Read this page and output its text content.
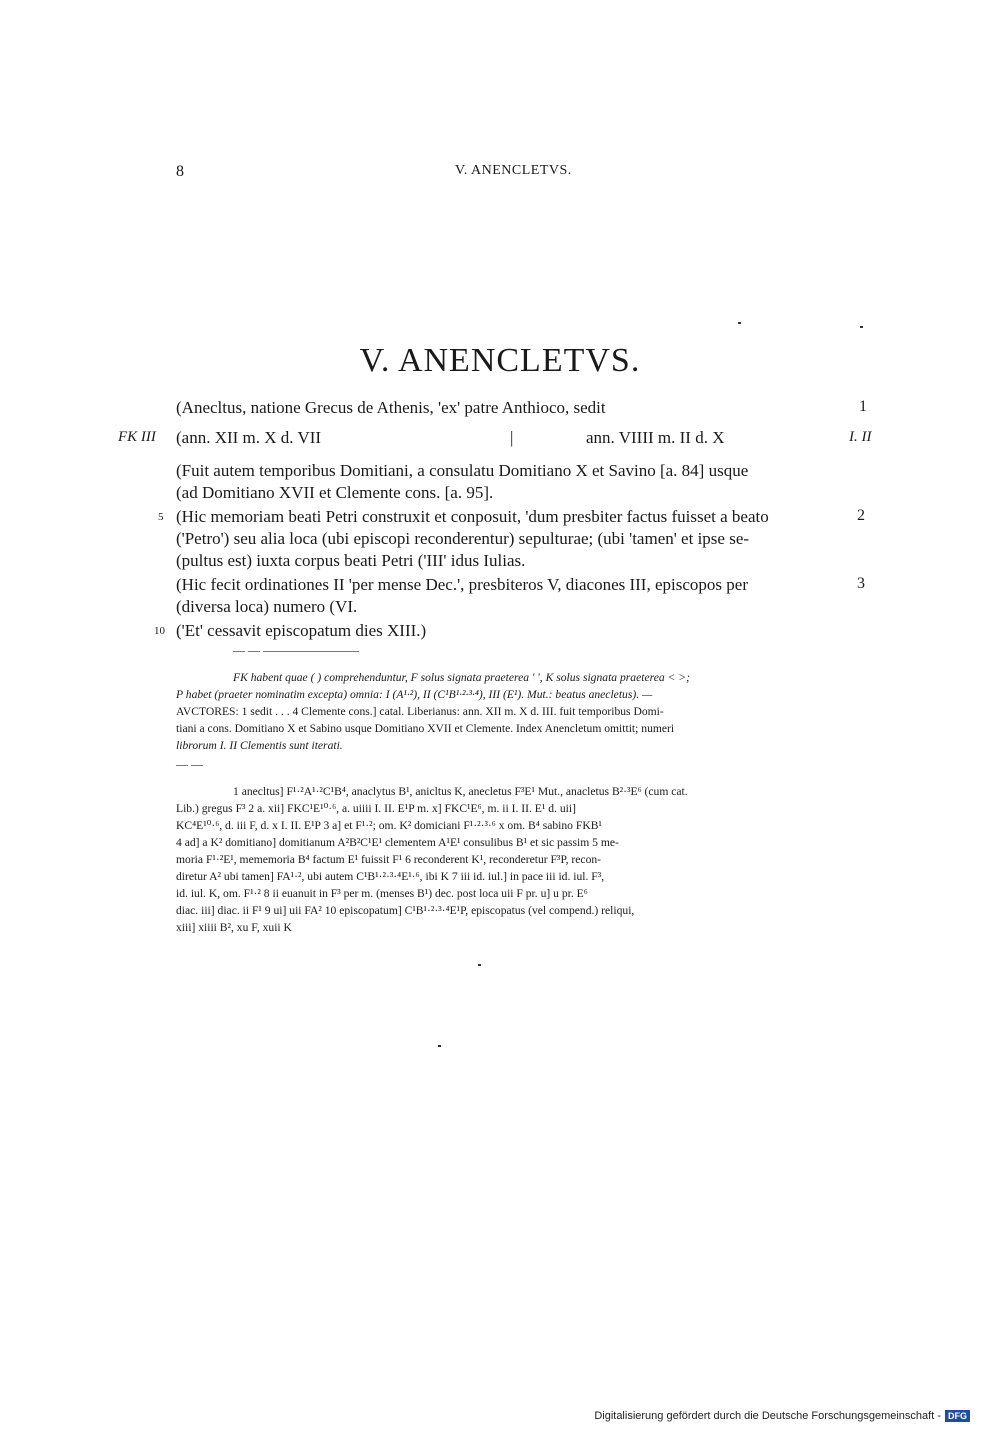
8	V. ANENCLETVS.
V. ANENCLETVS.
(Anecltus, natione Grecus de Athenis, 'ex' patre Anthioco, sedit	1
FK III (ann. XII m. X d. VII	|	ann. VIIII m. II d. X	I. II
(Fuit autem temporibus Domitiani, a consulatu Domitiano X et Savino [a. 84] usque
(ad Domitiano XVII et Clemente cons. [a. 95].
5 (Hic memoriam beati Petri construxit et conposuit, 'dum presbiter factus fuisset a beato	2
('Petro') seu alia loca (ubi episcopi reconderentur) sepulturae; (ubi 'tamen' et ipse se-
(pultus est) iuxta corpus beati Petri ('III' idus Iulias.
(Hic fecit ordinationes II 'per mense Dec.', presbiteros V, diacones III, episcopos per	3
(diversa loca) numero (VI.
10 ('Et' cessavit episcopatum dies XIII.)
— — ————————
FK habent quae ( ) comprehenduntur, F solus signata praeterea ' ', K solus signata praeterea < >;
P habet (praeter nominatim excepta) omnia: I (A¹·²), II (C¹B¹·²·³·⁴), III (E¹). Mut.: beatus anecletus). —
AVCTORES: 1 sedit . . . 4 Clemente cons.] catal. Liberianus: ann. XII m. X d. III. fuit temporibus Domi-
tiani a cons. Domitiano X et Sabino usque Domitiano XVII et Clemente. Index Anencletum omittit; numeri
librorum I. II Clementis sunt iterati.
— —
1 anecltus] F¹·²A¹·²C¹B⁴, anaclytus B¹, anicltus K, anecletus F³E¹ Mut., anacletus B²·³E⁶ (cum cat.
Lib.) gregus F³ 2 a. xii] FKC¹E¹⁰·⁶, a. uiiii I. II. E¹P m. x] FKC¹E⁶, m. ii I. II. E¹ d. uii]
KC⁴E¹⁰·⁶, d. iii F, d. x I. II. E¹P 3 a] et F¹·²; om. K² domiciani F¹·²·³·⁶ x om. B⁴ sabino FKB¹
4 ad] a K² domitiano] domitianum A²B²C¹E¹ clementem A¹E¹ consulibus B¹ et sic passim 5 me-
moria F¹·²E¹, mememoria B⁴ factum E¹ fuissit F¹ 6 reconderent K¹, reconderetur F³P, recon-
diretur A² ubi tamen] FA¹·², ubi autem C¹B¹·²·³·⁴E¹·⁶, ibi K 7 iii id. iul.] in pace iii id. iul. F³,
id. iul. K, om. F¹·² 8 ii euanuit in F³ per m. (menses B¹) dec. post loca uii F pr. u] u pr. E⁶
diac. iii] diac. ii F¹ 9 ui] uii FA² 10 episcopatum] C¹B¹·²·³·⁴E¹P, episcopatus (vel compend.) reliqui,
xiii] xiiii B², xu F, xuii K
Digitalisierung gefördert durch die Deutsche Forschungsgemeinschaft - DFG
